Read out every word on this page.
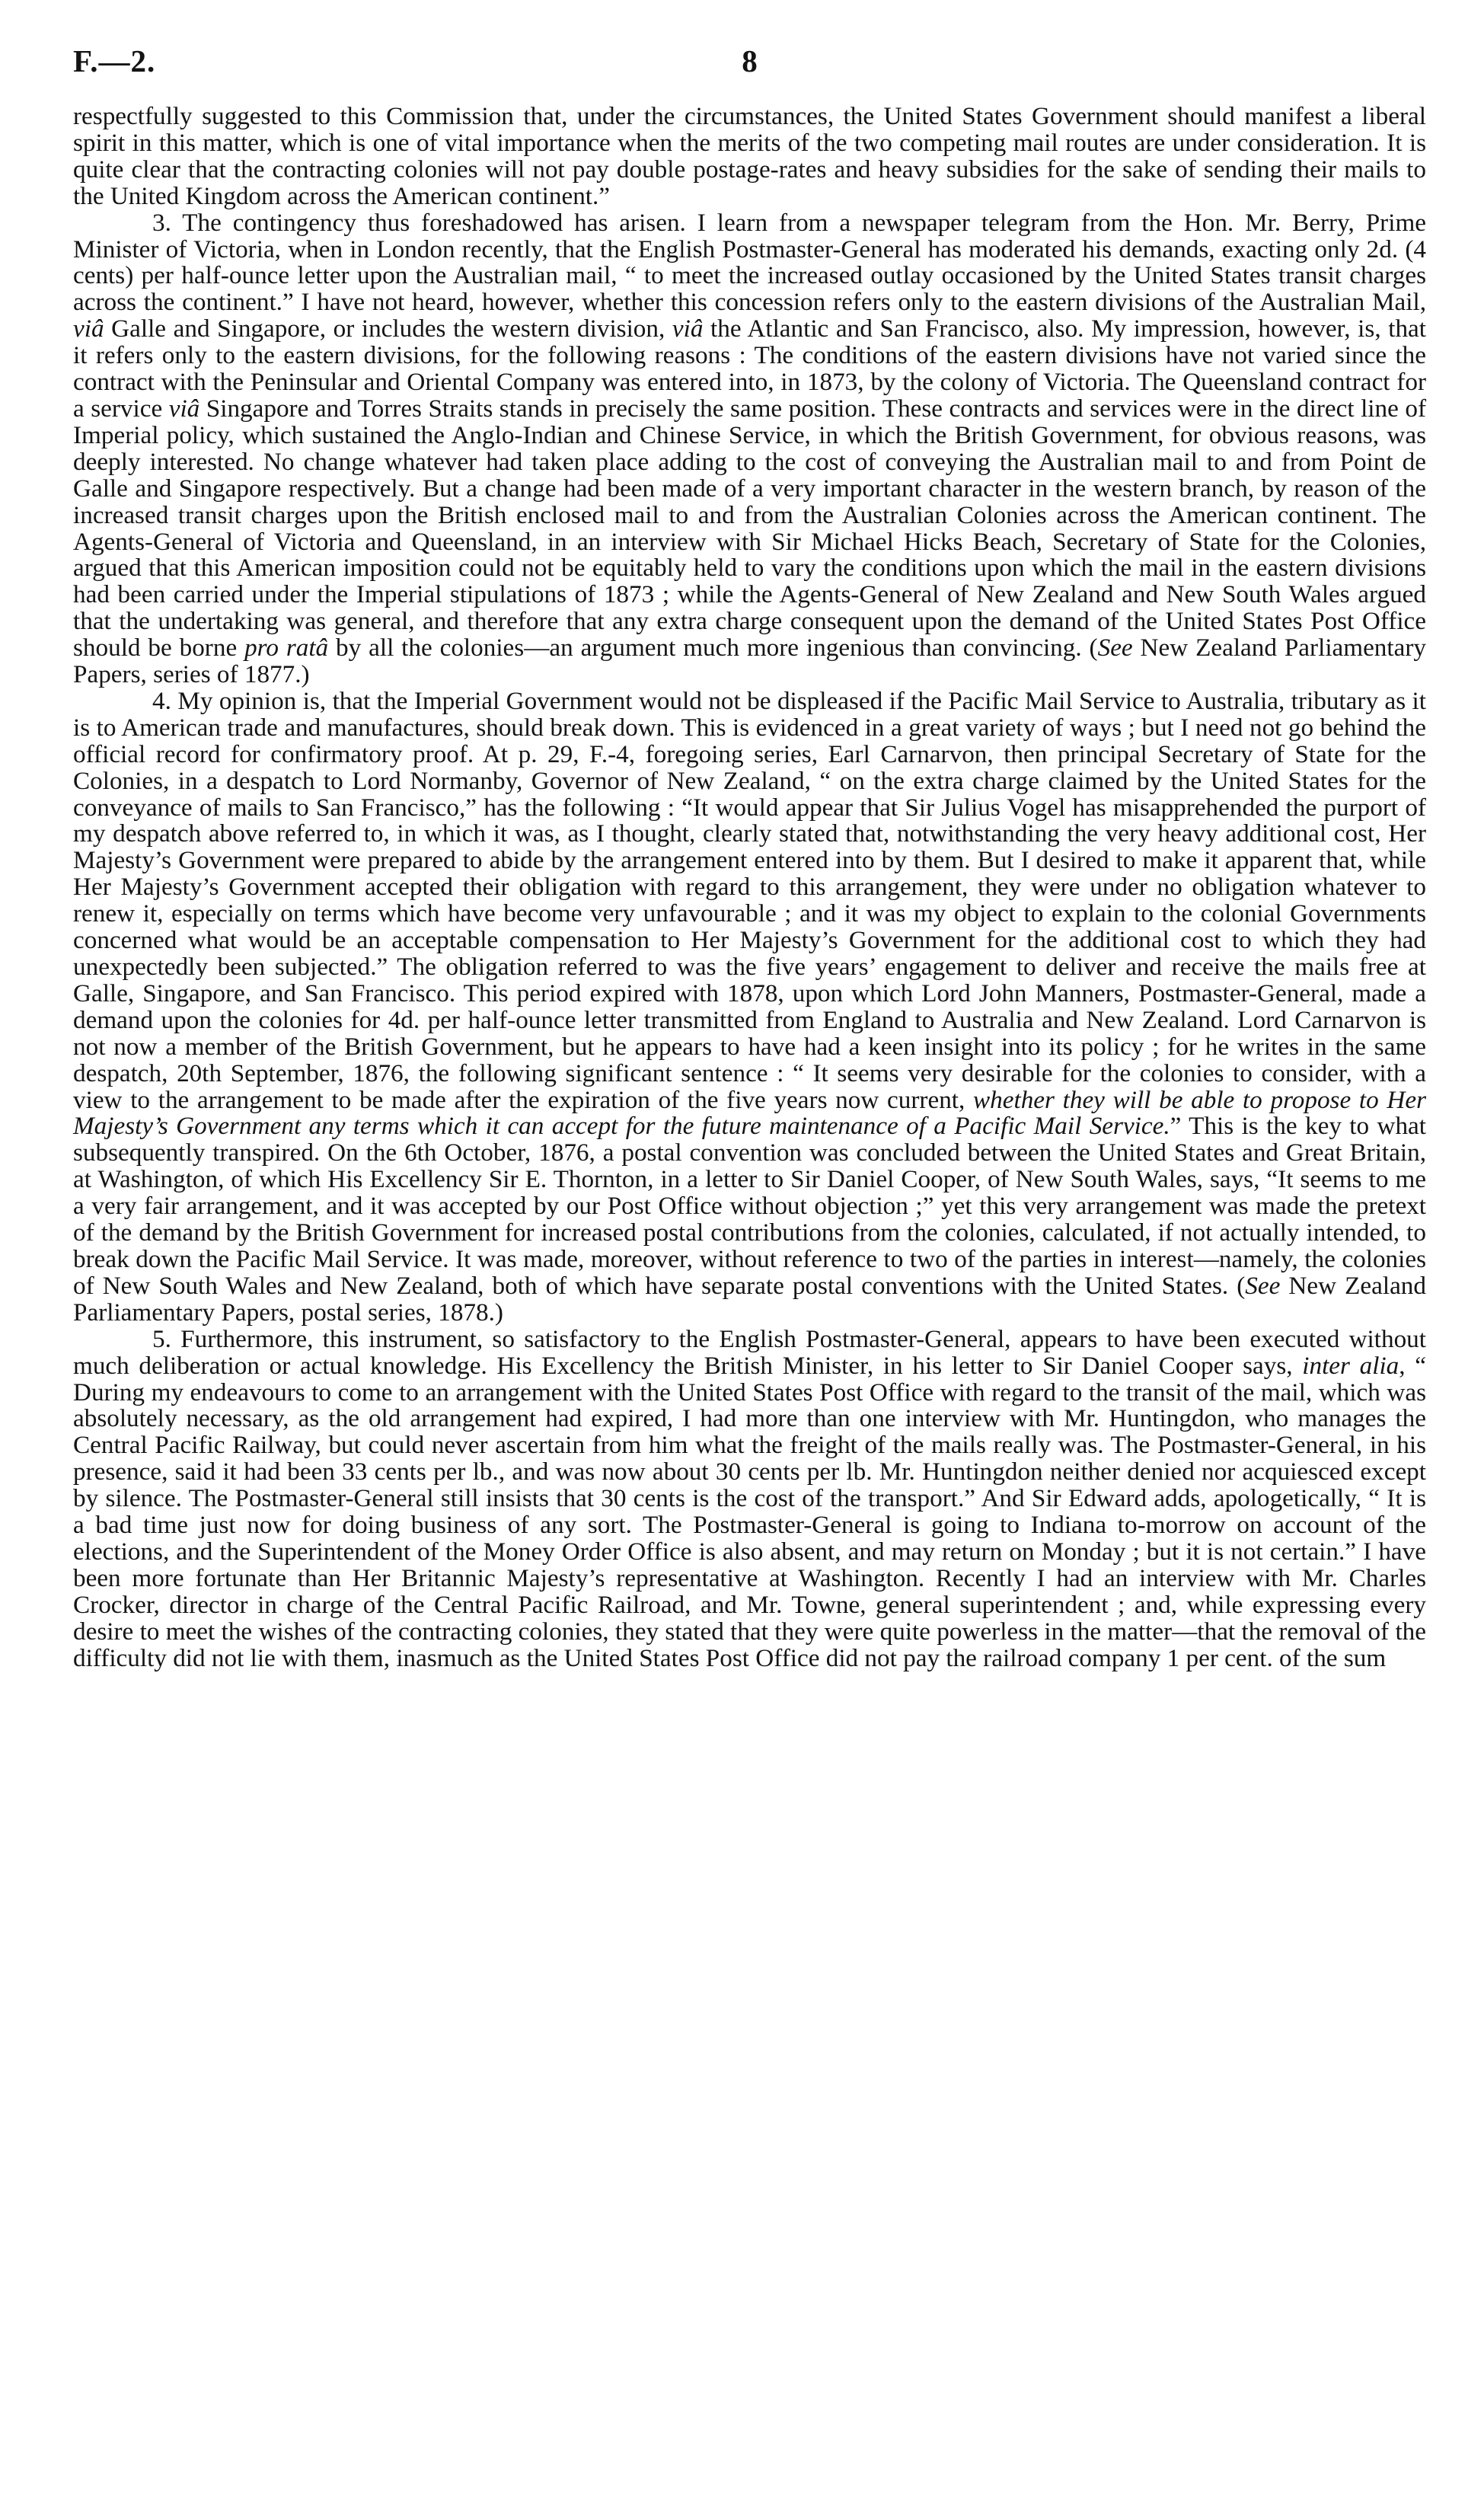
F.—2.	8

respectfully suggested to this Commission that, under the circumstances, the United States Government should manifest a liberal spirit in this matter, which is one of vital importance when the merits of the two competing mail routes are under consideration. It is quite clear that the contracting colonies will not pay double postage-rates and heavy subsidies for the sake of sending their mails to the United Kingdom across the American continent.”

3. The contingency thus foreshadowed has arisen. I learn from a newspaper telegram from the Hon. Mr. Berry, Prime Minister of Victoria, when in London recently, that the English Postmaster-General has moderated his demands, exacting only 2d. (4 cents) per half-ounce letter upon the Australian mail, “ to meet the increased outlay occasioned by the United States transit charges across the continent.” I have not heard, however, whether this concession refers only to the eastern divisions of the Australian Mail, viâ Galle and Singapore, or includes the western division, viâ the Atlantic and San Francisco, also. My impression, however, is, that it refers only to the eastern divisions, for the following reasons : The conditions of the eastern divisions have not varied since the contract with the Peninsular and Oriental Company was entered into, in 1873, by the colony of Victoria. The Queensland contract for a service viâ Singapore and Torres Straits stands in precisely the same position. These contracts and services were in the direct line of Imperial policy, which sustained the Anglo-Indian and Chinese Service, in which the British Government, for obvious reasons, was deeply interested. No change whatever had taken place adding to the cost of conveying the Australian mail to and from Point de Galle and Singapore respectively. But a change had been made of a very important character in the western branch, by reason of the increased transit charges upon the British enclosed mail to and from the Australian Colonies across the American continent. The Agents-General of Victoria and Queensland, in an interview with Sir Michael Hicks Beach, Secretary of State for the Colonies, argued that this American imposition could not be equitably held to vary the conditions upon which the mail in the eastern divisions had been carried under the Imperial stipulations of 1873 ; while the Agents-General of New Zealand and New South Wales argued that the undertaking was general, and therefore that any extra charge consequent upon the demand of the United States Post Office should be borne pro ratâ by all the colonies—an argument much more ingenious than convincing. (See New Zealand Parliamentary Papers, series of 1877.)

4. My opinion is, that the Imperial Government would not be displeased if the Pacific Mail Service to Australia, tributary as it is to American trade and manufactures, should break down. This is evidenced in a great variety of ways ; but I need not go behind the official record for confirmatory proof. At p. 29, F.-4, foregoing series, Earl Carnarvon, then principal Secretary of State for the Colonies, in a despatch to Lord Normanby, Governor of New Zealand, “ on the extra charge claimed by the United States for the conveyance of mails to San Francisco,” has the following : “It would appear that Sir Julius Vogel has misapprehended the purport of my despatch above referred to, in which it was, as I thought, clearly stated that, notwithstanding the very heavy additional cost, Her Majesty’s Government were prepared to abide by the arrangement entered into by them. But I desired to make it apparent that, while Her Majesty’s Government accepted their obligation with regard to this arrangement, they were under no obligation whatever to renew it, especially on terms which have become very unfavourable ; and it was my object to explain to the colonial Governments concerned what would be an acceptable compensation to Her Majesty’s Government for the additional cost to which they had unexpectedly been subjected.” The obligation referred to was the five years’ engagement to deliver and receive the mails free at Galle, Singapore, and San Francisco. This period expired with 1878, upon which Lord John Manners, Postmaster-General, made a demand upon the colonies for 4d. per half-ounce letter transmitted from England to Australia and New Zealand. Lord Carnarvon is not now a member of the British Government, but he appears to have had a keen insight into its policy ; for he writes in the same despatch, 20th September, 1876, the following significant sentence : “ It seems very desirable for the colonies to consider, with a view to the arrangement to be made after the expiration of the five years now current, whether they will be able to propose to Her Majesty’s Government any terms which it can accept for the future maintenance of a Pacific Mail Service.” This is the key to what subsequently transpired. On the 6th October, 1876, a postal convention was concluded between the United States and Great Britain, at Washington, of which His Excellency Sir E. Thornton, in a letter to Sir Daniel Cooper, of New South Wales, says, “It seems to me a very fair arrangement, and it was accepted by our Post Office without objection ;” yet this very arrangement was made the pretext of the demand by the British Government for increased postal contributions from the colonies, calculated, if not actually intended, to break down the Pacific Mail Service. It was made, moreover, without reference to two of the parties in interest—namely, the colonies of New South Wales and New Zealand, both of which have separate postal conventions with the United States. (See New Zealand Parliamentary Papers, postal series, 1878.)

5. Furthermore, this instrument, so satisfactory to the English Postmaster-General, appears to have been executed without much deliberation or actual knowledge. His Excellency the British Minister, in his letter to Sir Daniel Cooper says, inter alia, “ During my endeavours to come to an arrangement with the United States Post Office with regard to the transit of the mail, which was absolutely necessary, as the old arrangement had expired, I had more than one interview with Mr. Huntingdon, who manages the Central Pacific Railway, but could never ascertain from him what the freight of the mails really was. The Postmaster-General, in his presence, said it had been 33 cents per lb., and was now about 30 cents per lb. Mr. Huntingdon neither denied nor acquiesced except by silence. The Postmaster-General still insists that 30 cents is the cost of the transport.” And Sir Edward adds, apologetically, “ It is a bad time just now for doing business of any sort. The Postmaster-General is going to Indiana to-morrow on account of the elections, and the Superintendent of the Money Order Office is also absent, and may return on Monday ; but it is not certain.” I have been more fortunate than Her Britannic Majesty’s representative at Washington. Recently I had an interview with Mr. Charles Crocker, director in charge of the Central Pacific Railroad, and Mr. Towne, general superintendent ; and, while expressing every desire to meet the wishes of the contracting colonies, they stated that they were quite powerless in the matter—that the removal of the difficulty did not lie with them, inasmuch as the United States Post Office did not pay the railroad company 1 per cent. of the sum
